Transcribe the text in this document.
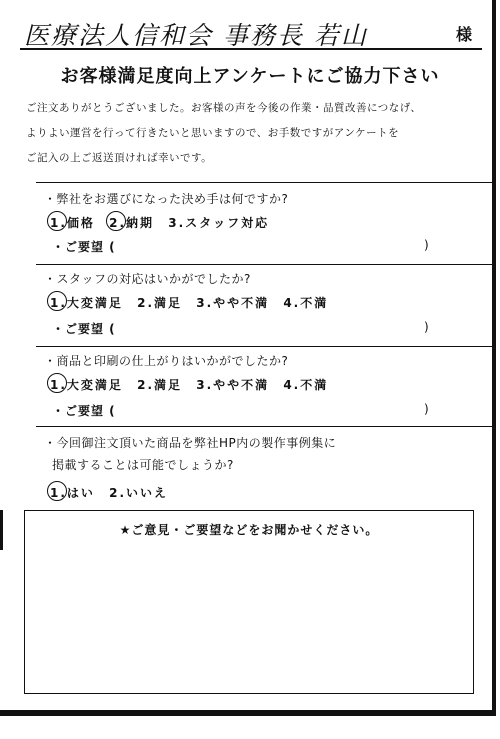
医療法人信和会 事務長 若山	様
お客様満足度向上アンケートにご協力下さい
ご注文ありがとうございました。お客様の声を今後の作業・品質改善につなげ、
よりよい運営を行って行きたいと思いますので、お手数ですがアンケートを
ご記入の上ご返送頂ければ幸いです。
・弊社をお選びになった決め手は何ですか?
1.価格 2.納期 3.スタッフ対応
・ご要望 (	)
・スタッフの対応はいかがでしたか?
1.大変満足 2.満足 3.やや不満 4.不満
・ご要望 (	)
・商品と印刷の仕上がりはいかがでしたか?
1.大変満足 2.満足 3.やや不満 4.不満
・ご要望 (	)
・今回御注文頂いた商品を弊社HP内の製作事例集に
掲載することは可能でしょうか?
1.はい 2.いいえ
★ご意見・ご要望などをお聞かせください。
